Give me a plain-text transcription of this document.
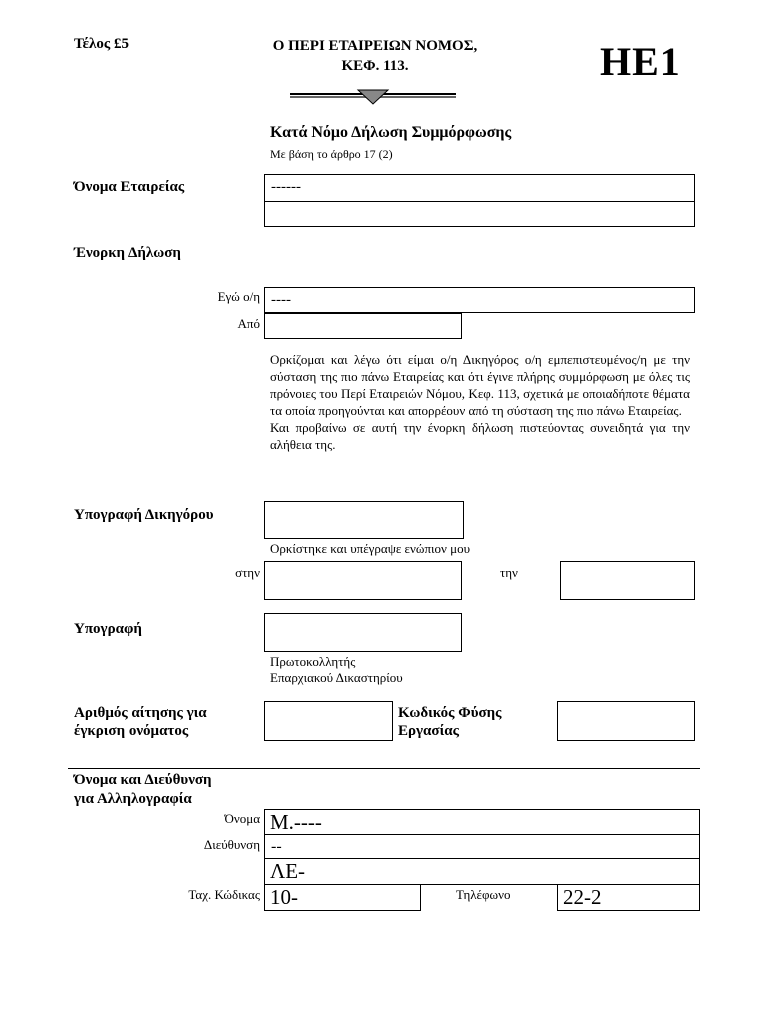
Τέλος £5	Ο ΠΕΡΙ ΕΤΑΙΡΕΙΩΝ ΝΟΜΟΣ,
ΚΕΦ. 113.	HE1
Κατά Νόμο Δήλωση Συμμόρφωσης
Με βάση το άρθρο 17 (2)
Όνομα Εταιρείας	------
Ένορκη Δήλωση
Εγώ ο/η ----
Από

Ορκίζομαι και λέγω ότι είμαι ο/η Δικηγόρος ο/η εμπεπιστευμένος/η με την σύσταση της πιο πάνω Εταιρείας και ότι έγινε πλήρης συμμόρφωση με όλες τις πρόνοιες του Περί Εταιρειών Νόμου, Κεφ. 113, σχετικά με οποιαδήποτε θέματα τα οποία προηγούνται και απορρέουν από τη σύσταση της πιο πάνω Εταιρείας.

Και προβαίνω σε αυτή την ένορκη δήλωση πιστεύοντας συνειδητά για την αλήθεια της.

Υπογραφή Δικηγόρου
Ορκίστηκε και υπέγραψε ενώπιον μου
στην	την
Υπογραφή
Πρωτοκολλητής
Επαρχιακού Δικαστηρίου
Αριθμός αίτησης για
έγκριση ονόματος
Κωδικός Φύσης
Εργασίας
Όνομα και Διεύθυνση
για Αλληλογραφία
Όνομα Μ.----
Διεύθυνση --
ΛΕ-
Ταχ. Κώδικας 10-	Τηλέφωνο	22-2
